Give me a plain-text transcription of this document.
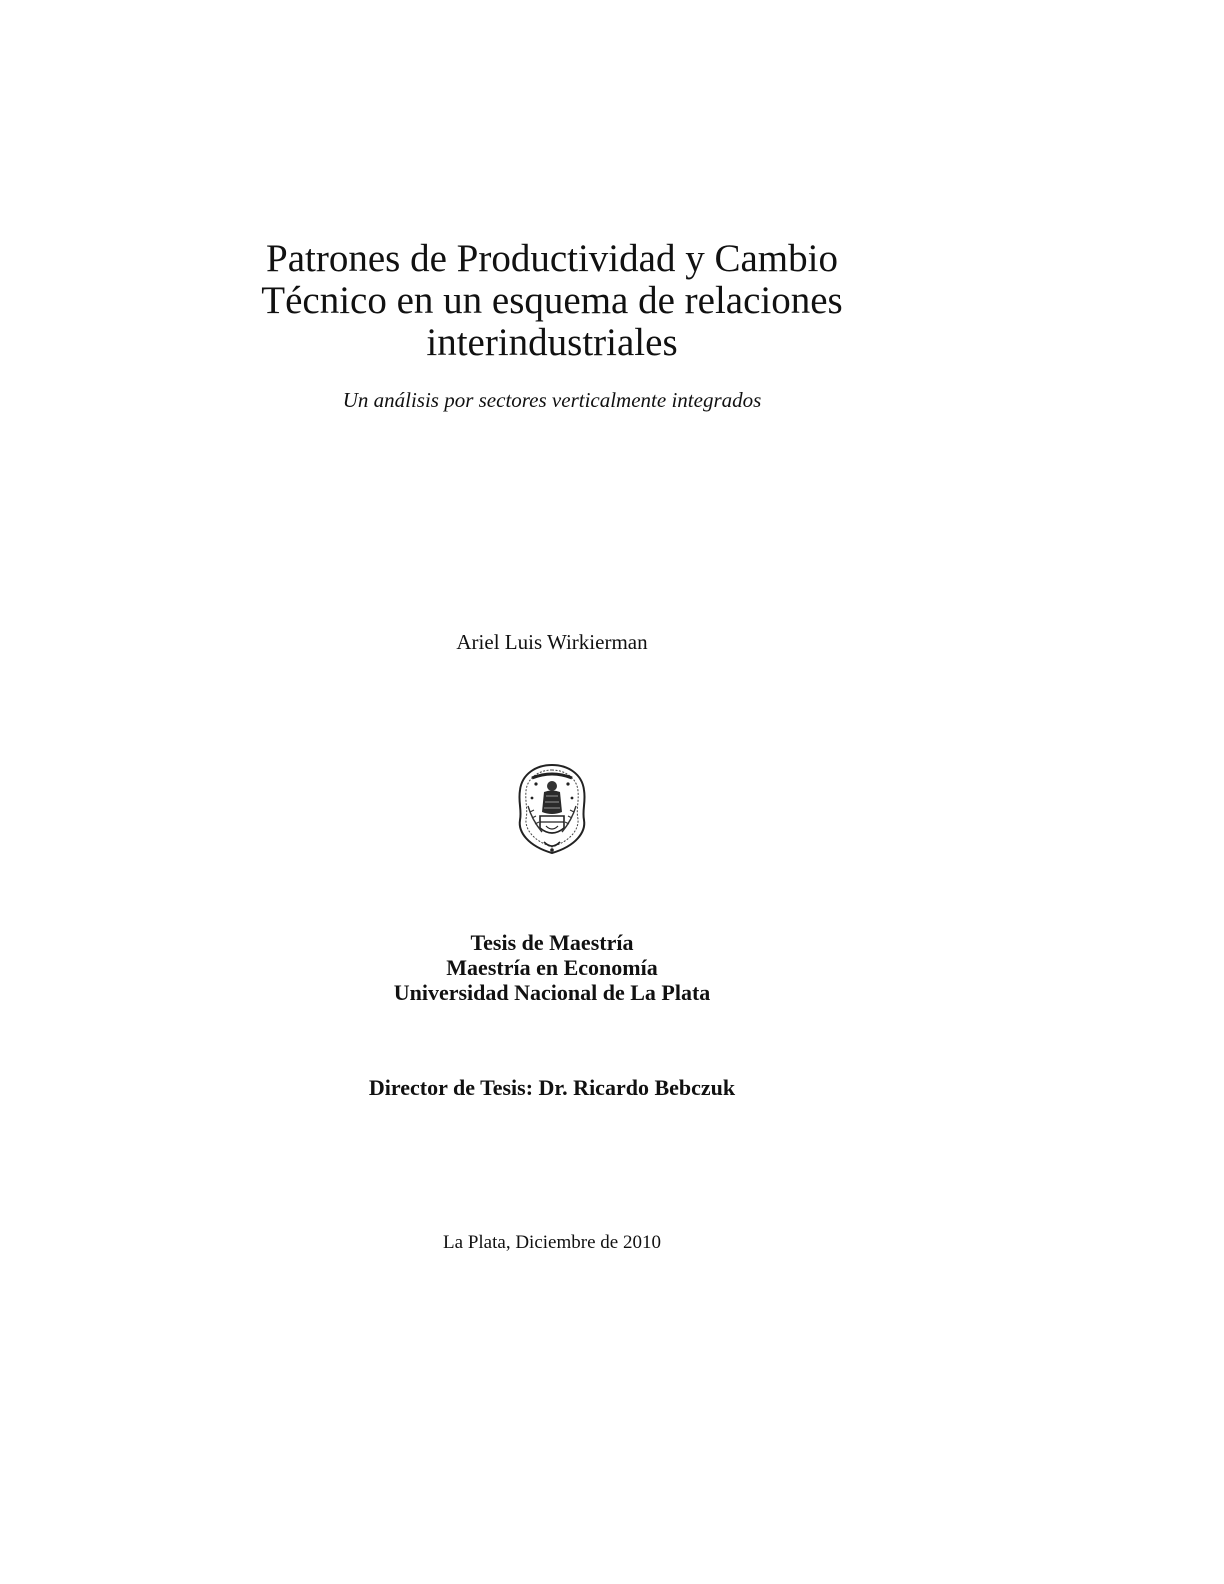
Patrones de Productividad y Cambio
Técnico en un esquema de relaciones
interindustriales
Un análisis por sectores verticalmente integrados
Ariel Luis Wirkierman
Tesis de Maestría
Maestría en Economía
Universidad Nacional de La Plata
Director de Tesis: Dr. Ricardo Bebczuk
La Plata, Diciembre de 2010
